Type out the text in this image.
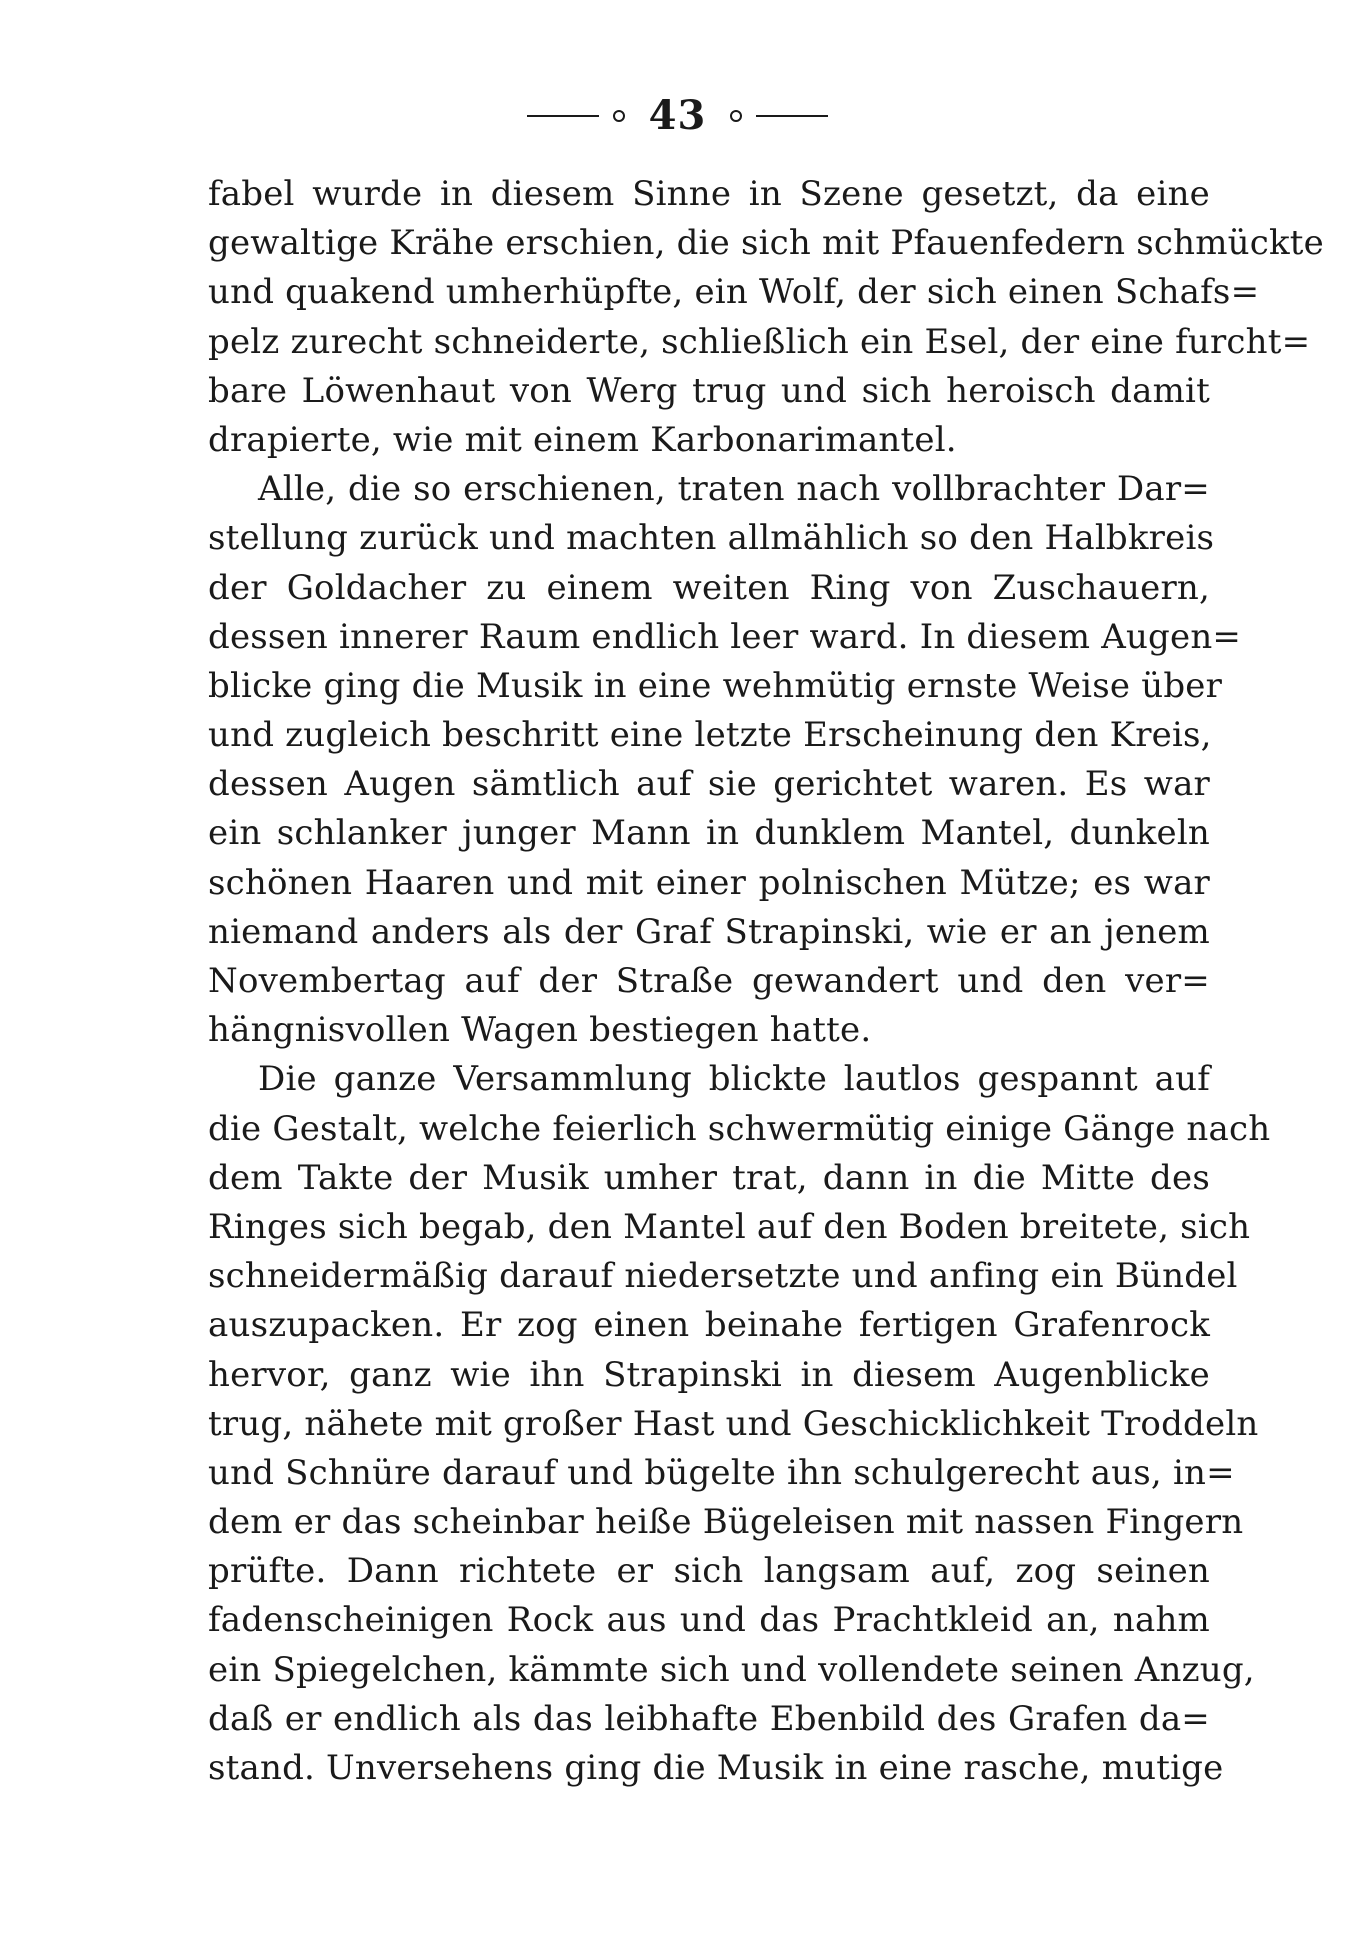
43
fabel wurde in diesem Sinne in Szene gesetzt, da eine
gewaltige Krähe erschien, die sich mit Pfauenfedern schmückte
und quakend umherhüpfte, ein Wolf, der sich einen Schafs=
pelz zurecht schneiderte, schließlich ein Esel, der eine furcht=
bare Löwenhaut von Werg trug und sich heroisch damit
drapierte, wie mit einem Karbonarimantel.
Alle, die so erschienen, traten nach vollbrachter Dar=
stellung zurück und machten allmählich so den Halbkreis
der Goldacher zu einem weiten Ring von Zuschauern,
dessen innerer Raum endlich leer ward. In diesem Augen=
blicke ging die Musik in eine wehmütig ernste Weise über
und zugleich beschritt eine letzte Erscheinung den Kreis,
dessen Augen sämtlich auf sie gerichtet waren. Es war
ein schlanker junger Mann in dunklem Mantel, dunkeln
schönen Haaren und mit einer polnischen Mütze; es war
niemand anders als der Graf Strapinski, wie er an jenem
Novembertag auf der Straße gewandert und den ver=
hängnisvollen Wagen bestiegen hatte.
Die ganze Versammlung blickte lautlos gespannt auf
die Gestalt, welche feierlich schwermütig einige Gänge nach
dem Takte der Musik umher trat, dann in die Mitte des
Ringes sich begab, den Mantel auf den Boden breitete, sich
schneidermäßig darauf niedersetzte und anfing ein Bündel
auszupacken. Er zog einen beinahe fertigen Grafenrock
hervor, ganz wie ihn Strapinski in diesem Augenblicke
trug, nähete mit großer Hast und Geschicklichkeit Troddeln
und Schnüre darauf und bügelte ihn schulgerecht aus, in=
dem er das scheinbar heiße Bügeleisen mit nassen Fingern
prüfte. Dann richtete er sich langsam auf, zog seinen
fadenscheinigen Rock aus und das Prachtkleid an, nahm
ein Spiegelchen, kämmte sich und vollendete seinen Anzug,
daß er endlich als das leibhafte Ebenbild des Grafen da=
stand. Unversehens ging die Musik in eine rasche, mutige
